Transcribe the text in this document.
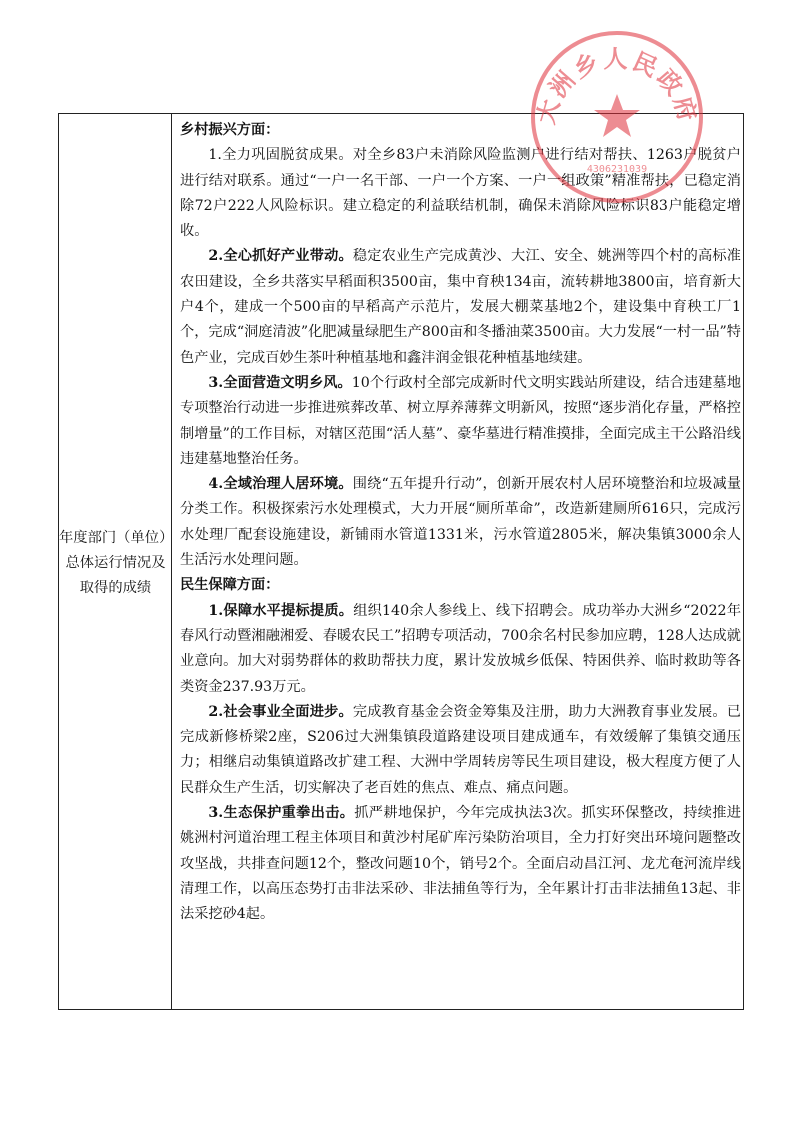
年度部门（单位）
总体运行情况及
取得的成绩

乡村振兴方面：

1.全力巩固脱贫成果。对全乡83户未消除风险监测户进行结对帮扶、1263户脱贫户进行结对联系。通过“一户一名干部、一户一个方案、一户一组政策”精准帮扶，已稳定消除72户222人风险标识。建立稳定的利益联结机制，确保未消除风险标识83户能稳定增收。

2.全心抓好产业带动。稳定农业生产完成黄沙、大江、安全、姚洲等四个村的高标准农田建设，全乡共落实早稻面积3500亩，集中育秧134亩，流转耕地3800亩，培育新大户4个，建成一个500亩的早稻高产示范片，发展大棚菜基地2个，建设集中育秧工厂1个，完成“洞庭清波”化肥减量绿肥生产800亩和冬播油菜3500亩。大力发展“一村一品”特色产业，完成百妙生茶叶种植基地和鑫沣润金银花种植基地续建。

3.全面营造文明乡风。10个行政村全部完成新时代文明实践站所建设，结合违建墓地专项整治行动进一步推进殡葬改革、树立厚养薄葬文明新风，按照“逐步消化存量，严格控制增量”的工作目标，对辖区范围“活人墓”、豪华墓进行精准摸排，全面完成主干公路沿线违建墓地整治任务。

4.全域治理人居环境。围绕“五年提升行动”，创新开展农村人居环境整治和垃圾减量分类工作。积极探索污水处理模式，大力开展“厕所革命”，改造新建厕所616只，完成污水处理厂配套设施建设，新铺雨水管道1331米，污水管道2805米，解决集镇3000余人生活污水处理问题。

民生保障方面：

1.保障水平提标提质。组织140余人参线上、线下招聘会。成功举办大洲乡“2022年春风行动暨湘融湘爱、春暖农民工”招聘专项活动，700余名村民参加应聘，128人达成就业意向。加大对弱势群体的救助帮扶力度，累计发放城乡低保、特困供养、临时救助等各类资金237.93万元。

2.社会事业全面进步。完成教育基金会资金筹集及注册，助力大洲教育事业发展。已完成新修桥梁2座，S206过大洲集镇段道路建设项目建成通车，有效缓解了集镇交通压力；相继启动集镇道路改扩建工程、大洲中学周转房等民生项目建设，极大程度方便了人民群众生产生活，切实解决了老百姓的焦点、难点、痛点问题。

3.生态保护重拳出击。抓严耕地保护，今年完成执法3次。抓实环保整改，持续推进姚洲村河道治理工程主体项目和黄沙村尾矿库污染防治项目，全力打好突出环境问题整改攻坚战，共排查问题12个，整改问题10个，销号2个。全面启动昌江河、龙尤奄河流岸线清理工作，以高压态势打击非法采砂、非法捕鱼等行为，全年累计打击非法捕鱼13起、非法采挖砂4起。

大洲乡人民政府
4306231039
